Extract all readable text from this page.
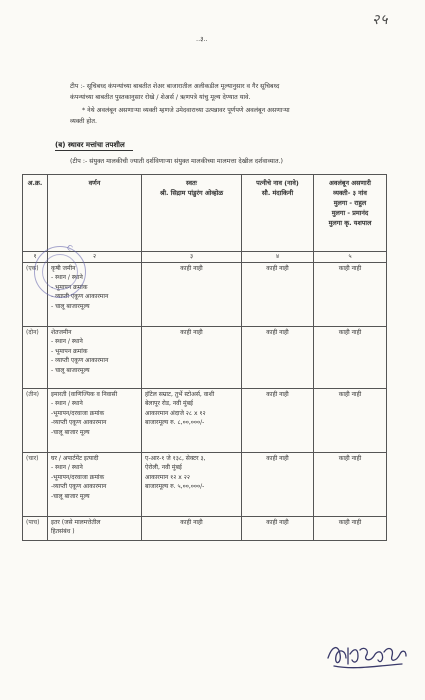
२५
..३..
टीप :- सूचिबध्द कंपन्यांच्या बाबतीत शेअर बाजारातील अलीकडील मूल्यानुसार व गैर सूचिबध्द
कंपन्यांच्या बाबतीत पुस्तकानुसार रोखे / शेअर्स / ऋणपत्रे यांचु मूल्य देण्यात यावे.
* नेथे अवलंबून असणाऱ्या व्यक्ती म्हणजे उमेदवाराच्या उत्पन्नावर पूर्णपणे अवलंबून असणाऱ्या
व्यक्ती होत.
(ब) स्थावर मत्तांचा तपशील
(टीप :- संयुक्त मालकीची ज्याती दर्शविणाऱ्या संयुक्त मालकीच्या मालमत्ता देखील दर्शवाव्यात.)
अ.क्र.	वर्णन	स्वतः
श्री. सिद्राम पांडुरंग ओव्होळ	पत्नीचे नाव (नावे)
सौ. मंदाकिनी	अवलंबून असणारी
व्यक्ती- ३ नांव
मुलगा - राहुल
मुलगा - प्रमानंद
मुलगा कृ. यशपाल

१	२	३	४	५
(एक)	कृषी जमीन
- स्थान / स्थाने
- भूमापन क्रमांक
- व्याप्ती एकूण आकारमान
- चालू बाजारमूल्य	काही नाही	काही नाही	काही नाही
(दोन)	शेतजमीन
- स्थान / स्थाने
- भूमापन क्रमांक
- व्याप्ती एकूण आकारमान
- चालू बाजारमूल्य	काही नाही	काही नाही	काही नाही
(तीन)	इमारती (वाणिज्यिक व निवासी
- स्थान / स्थाने
-भूमापन/दरवाजा क्रमांक
-व्याप्ती एकूण आकारमान
-चालू बाजार मूल्य	हॉटेल सम्राट, तुर्भे स्टोअर्स, वाशी
बेलापूर रोड, नवी मुंबई
आकारमान अंदाजे २८ x १२
बाजारमूल्य रु. ८,००,०००/-	काही नाही	काही नाही
(चार)	घर / अपार्टमेंट इत्यादी
- स्थान / स्थाने
-भूमापन/दरवाजा क्रमांक
-व्याप्ती एकूण आकारमान
-चालू बाजार मूल्य	ए-आर-१ जे १३८, सेक्टर ३,
ऐरोली, नवी मुंबई
आकारमान १२ x २२
बाजारमूल्य रु. ५,००,०००/-	काही नाही	काही नाही
(पाच)	इतर (जसे मालमत्तेतील
हितसंबंध )	काही नाही	काही नाही	काही नाही
C
